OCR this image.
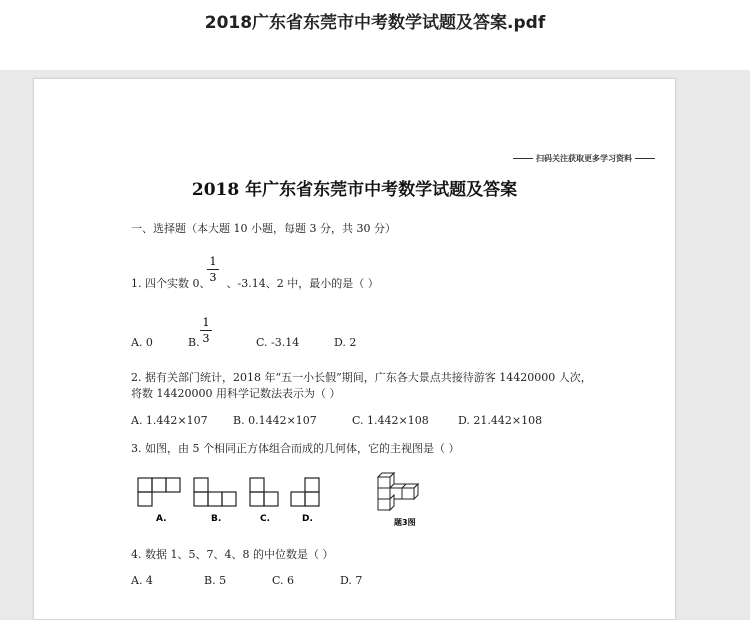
2018广东省东莞市中考数学试题及答案.pdf
扫码关注获取更多学习资料
2018 年广东省东莞市中考数学试题及答案
一、选择题（本大题 10 小题，每题 3 分，共 30 分）
1. 四个实数 0、 、-3.14、2 中，最小的是（ ）
1
3
A. 0	B.
1
3	C. -3.14	D. 2
2. 据有关部门统计，2018 年“五一小长假”期间，广东各大景点共接待游客 14420000 人次，
将数 14420000 用科学记数法表示为（ ）
A. 1.442×107 B. 0.1442×107	C. 1.442×108	D. 21.442×108
3. 如图，由 5 个相同正方体组合而成的几何体，它的主视图是（ ）
A.	B.	C.	D.	题3图
4. 数据 1、5、7、4、8 的中位数是（ ）
A. 4	B. 5	C. 6	D. 7
